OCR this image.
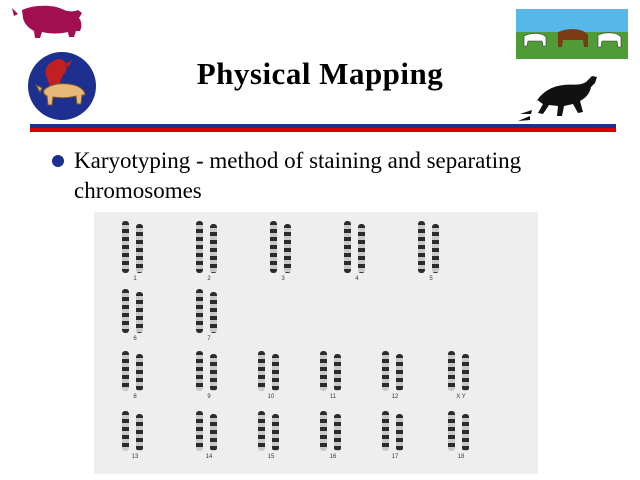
Physical Mapping
Karyotyping - method of staining and separating chromosomes
1	2	3	4	5
6	7
8	9	10	11	12	X Y
13	14	15	16	17	18
